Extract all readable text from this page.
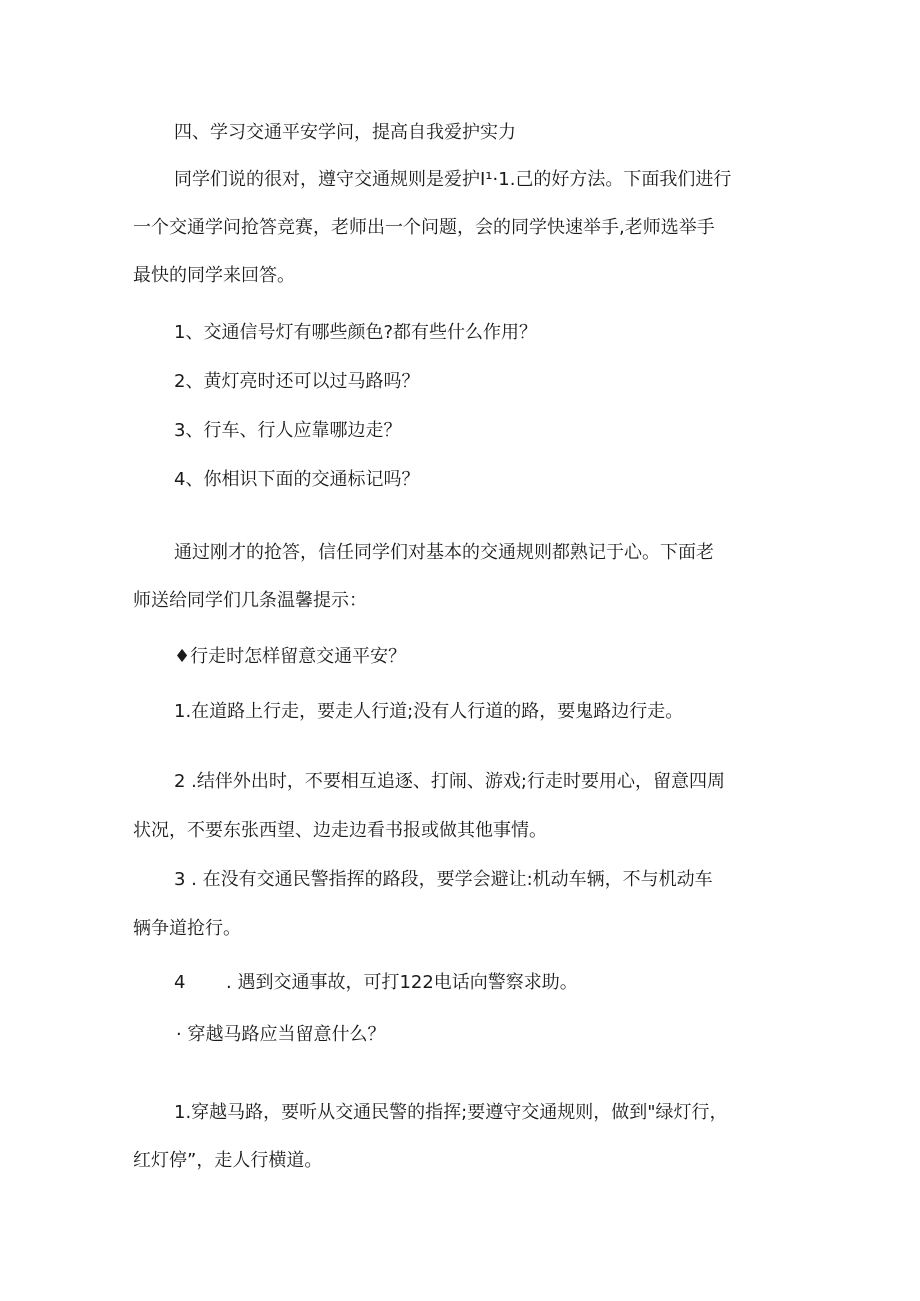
四、学习交通平安学问，提高自我爱护实力

同学们说的很对，遵守交通规则是爱护I¹·1.己的好方法。下面我们进行

一个交通学问抢答竞赛，老师出一个问题，会的同学快速举手,老师选举手

最快的同学来回答。

1、交通信号灯有哪些颜色?都有些什么作用？

2、黄灯亮时还可以过马路吗？

3、行车、行人应靠哪边走？

4、你相识下面的交通标记吗？

通过刚才的抢答，信任同学们对基本的交通规则都熟记于心。下面老

师送给同学们几条温馨提示：

♦行走时怎样留意交通平安？

1.在道路上行走，要走人行道;没有人行道的路，要鬼路边行走。

2 .结伴外出时，不要相互追逐、打闹、游戏;行走时要用心，留意四周

状况，不要东张西望、边走边看书报或做其他事情。

3 . 在没有交通民警指挥的路段，要学会避让:机动车辆，不与机动车

辆争道抢行。

4 . 遇到交通事故，可打122电话向警察求助。

· 穿越马路应当留意什么？

1.穿越马路，要听从交通民警的指挥;要遵守交通规则，做到"绿灯行，

红灯停”，走人行横道。
